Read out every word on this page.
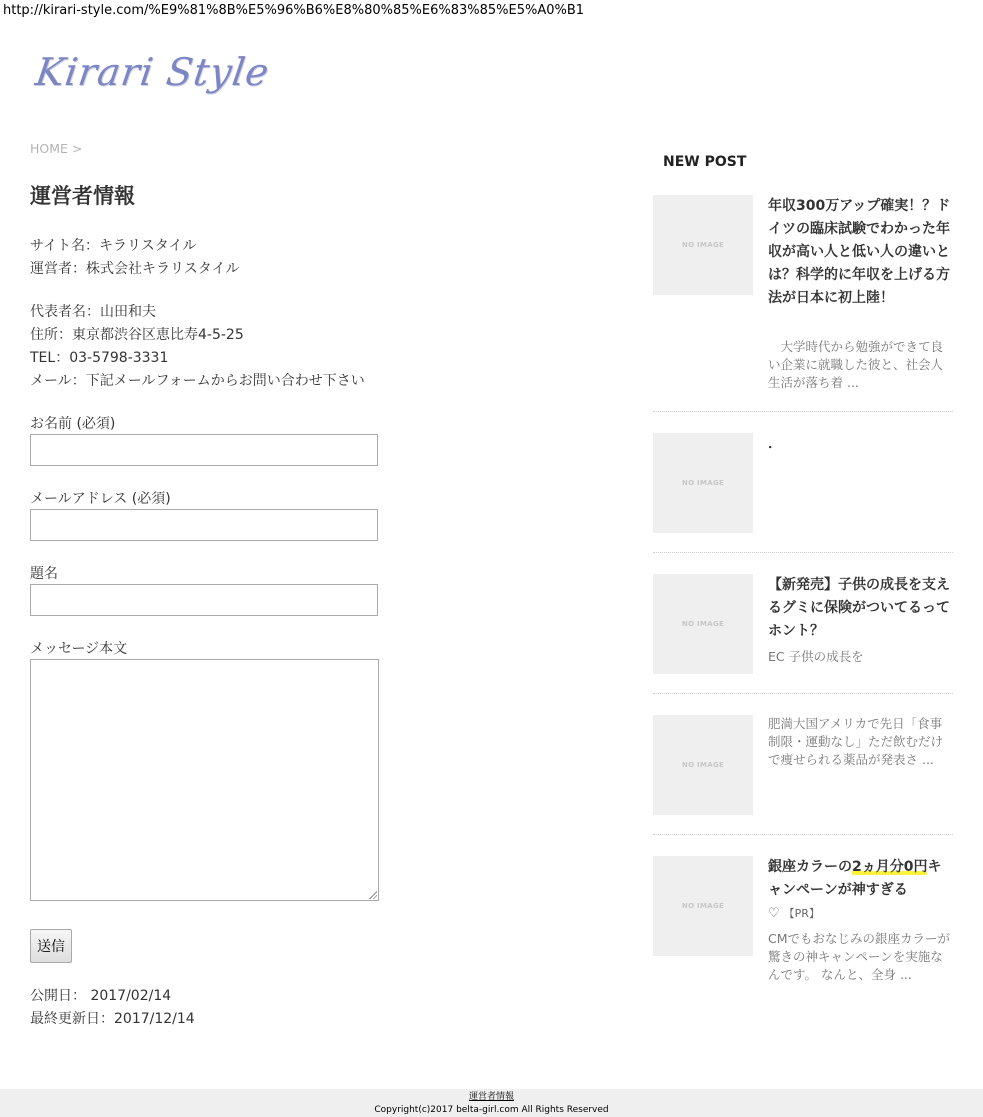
http://kirari-style.com/%E9%81%8B%E5%96%B6%E8%80%85%E6%83%85%E5%A0%B1
Kirari Style
HOME >
運営者情報
サイト名：キラリスタイル
運営者：株式会社キラリスタイル
代表者名：山田和夫
住所：東京都渋谷区恵比寿4-5-25
TEL：03-5798-3331
メール：下記メールフォームからお問い合わせ下さい
お名前 (必須)
メールアドレス (必須)
題名
メッセージ本文
送信
公開日： 2017/02/14
最終更新日：2017/12/14
NEW POST
NO IMAGE
年収300万アップ確実！？ドイツの臨床試験でわかった年収が高い人と低い人の違いとは？科学的に年収を上げる方法が日本に初上陸！
　大学時代から勉強ができて良い企業に就職した彼と、社会人生活が落ち着 ...
NO IMAGE
．
NO IMAGE
【新発売】子供の成長を支えるグミに保険がついてるってホント？
EC 子供の成長を
NO IMAGE
肥満大国アメリカで先日「食事制限・運動なし」ただ飲むだけで痩せられる薬品が発表さ ...
NO IMAGE
銀座カラーの2ヵ月分0円キャンペーンが神すぎる
♡ 【PR】
CMでもおなじみの銀座カラーが驚きの神キャンペーンを実施なんです。 なんと、全身 ...
運営者情報
Copyright(c)2017 belta-girl.com All Rights Reserved
